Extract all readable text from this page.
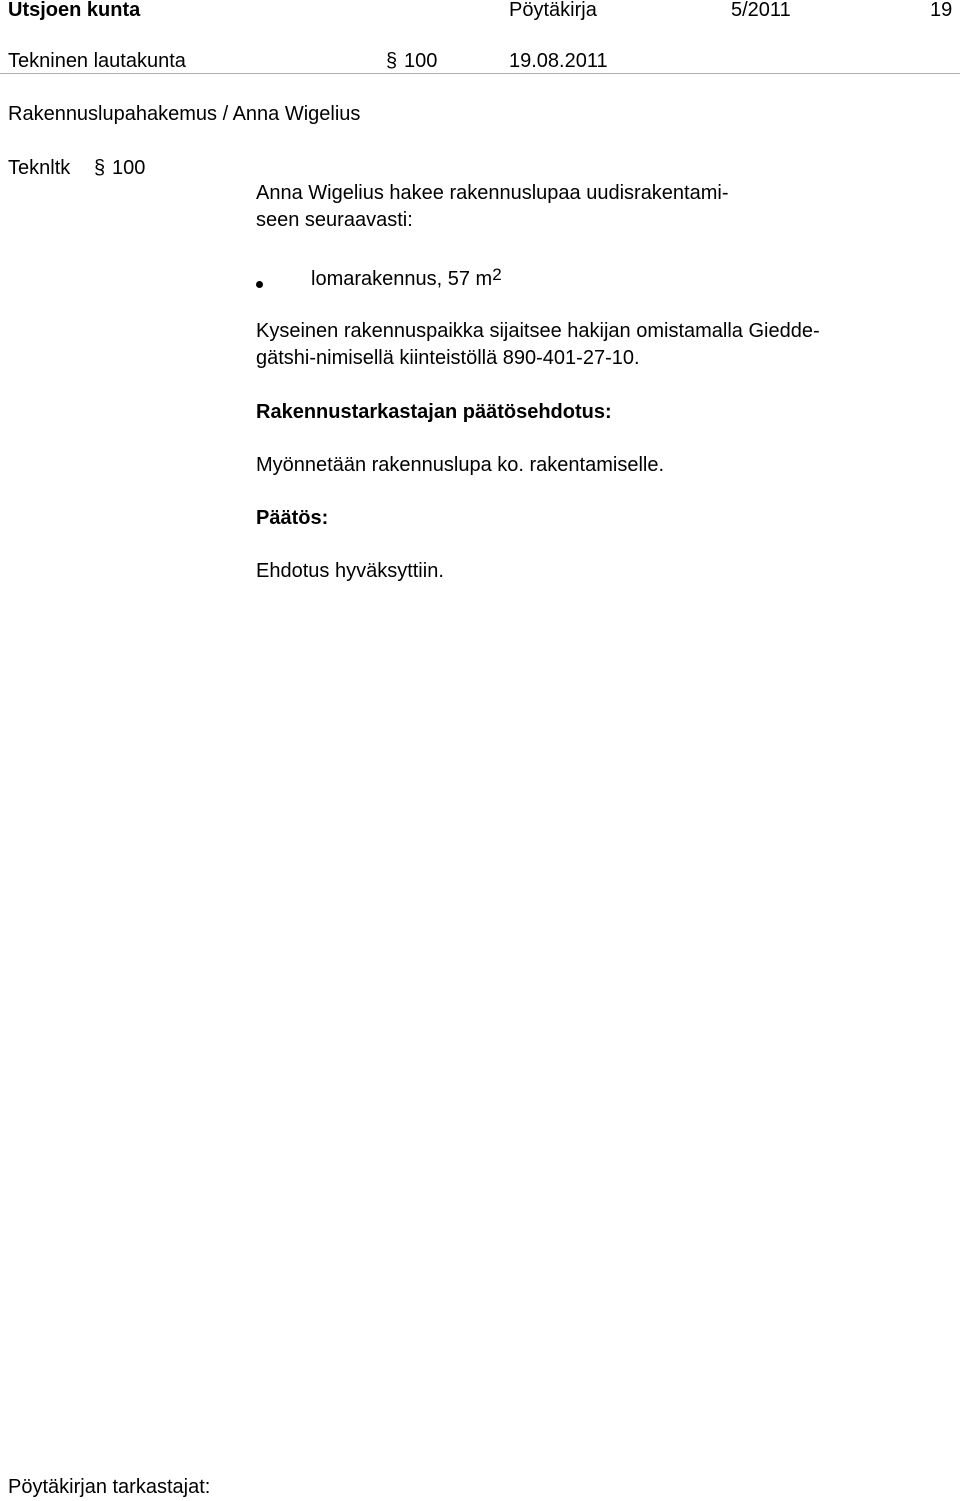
Utsjoen kunta	Pöytäkirja	5/2011	19
Tekninen lautakunta	§ 100	19.08.2011
Rakennuslupahakemus / Anna Wigelius
Teknltk § 100
Anna Wigelius hakee rakennuslupaa uudisrakentami-
seen seuraavasti:
lomarakennus, 57 $m^2$
Kyseinen rakennuspaikka sijaitsee hakijan omistamalla Giedde-
gätshi-nimisellä kiinteistöllä 890-401-27-10.
Rakennustarkastajan päätösehdotus:
Myönnetään rakennuslupa ko. rakentamiselle.
Päätös:
Ehdotus hyväksyttiin.
Pöytäkirjan tarkastajat:
